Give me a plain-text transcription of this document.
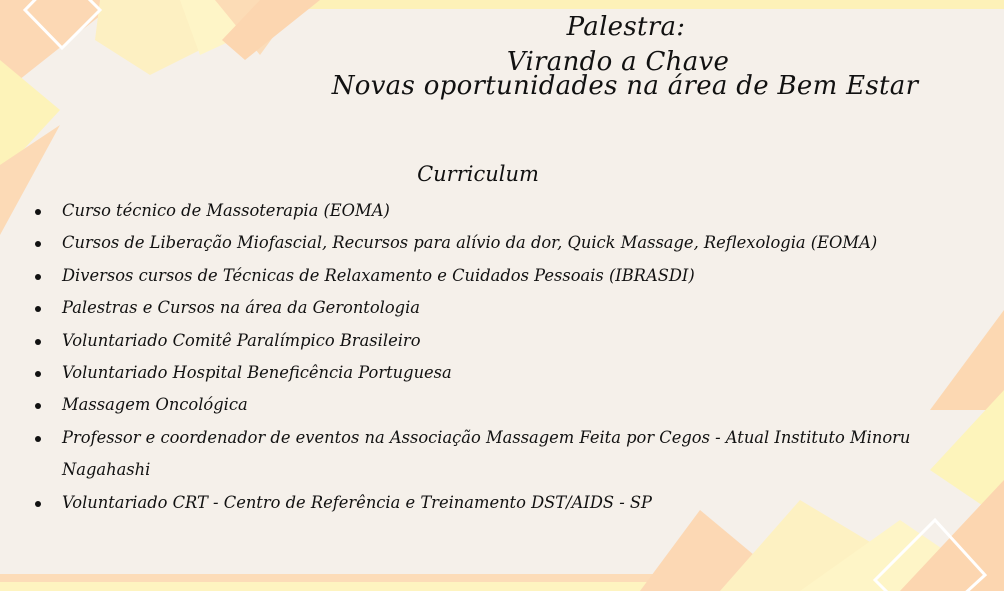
Palestra:
Virando a Chave
Novas oportunidades na área de Bem Estar
Curriculum
Curso técnico de Massoterapia (EOMA)
Cursos de Liberação Miofascial, Recursos para alívio da dor, Quick Massage, Reflexologia (EOMA)
Diversos cursos de Técnicas de Relaxamento e Cuidados Pessoais (IBRASDI)
Palestras e Cursos na área da Gerontologia
Voluntariado Comitê Paralímpico Brasileiro
Voluntariado Hospital Beneficência Portuguesa
Massagem Oncológica
Professor e coordenador de eventos na Associação Massagem Feita por Cegos - Atual Instituto Minoru Nagahashi
Voluntariado CRT - Centro de Referência e Treinamento DST/AIDS - SP
